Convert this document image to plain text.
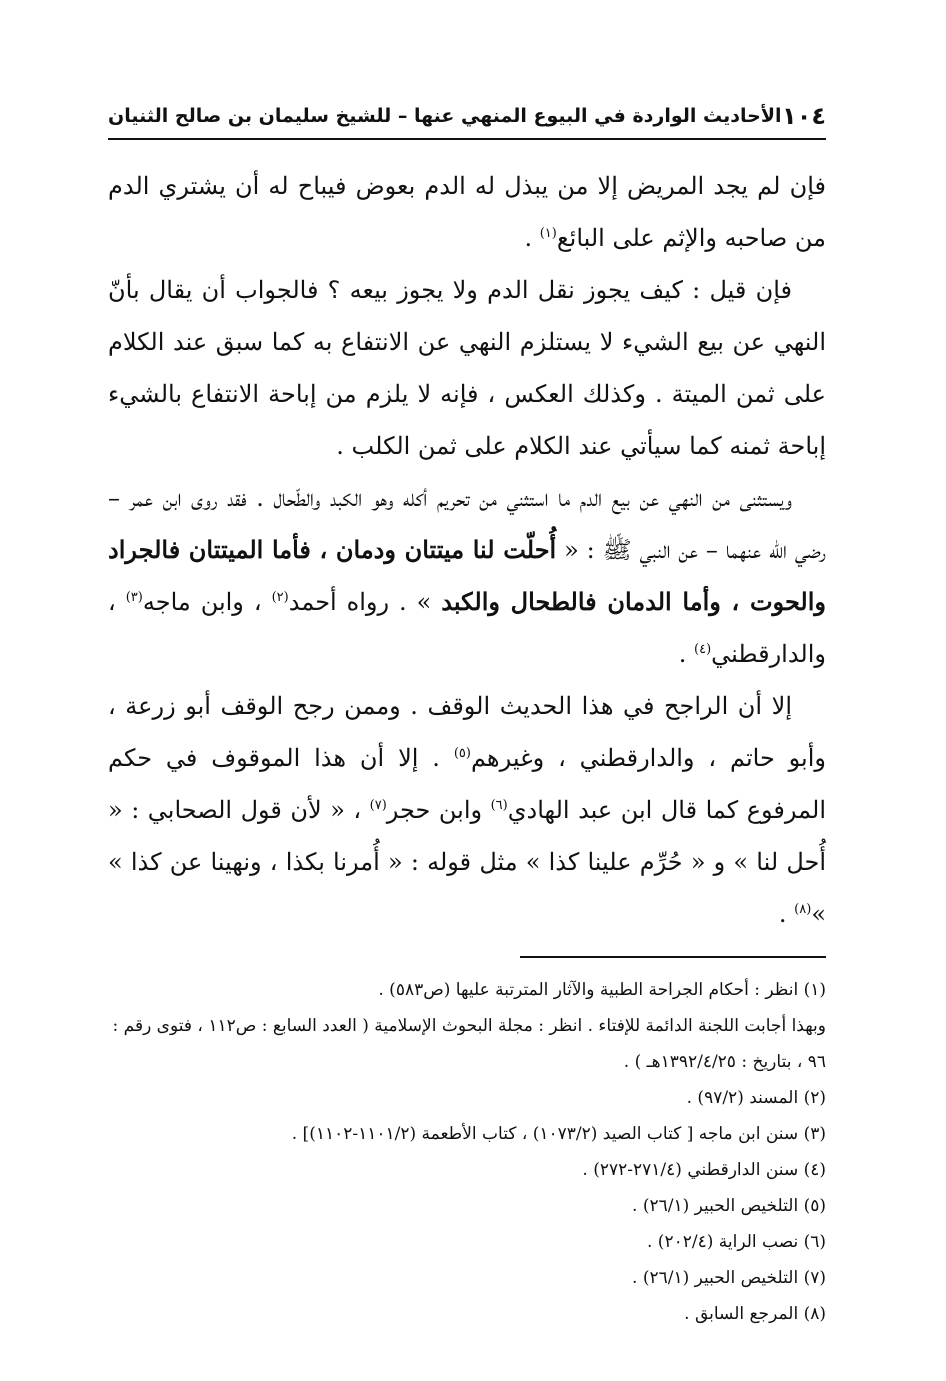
١٠٤
الأحاديث الواردة في البيوع المنهي عنها – للشيخ سليمان بن صالح الثنيان

فإن لم يجد المريض إلا من يبذل له الدم بعوض فيباح له أن يشتري الدم من صاحبه والإثم على البائع$^{(١)}$ .

فإن قيل : كيف يجوز نقل الدم ولا يجوز بيعه ؟ فالجواب أن يقال بأنّ النهي عن بيع الشيء لا يستلزم النهي عن الانتفاع به كما سبق عند الكلام على ثمن الميتة . وكذلك العكس ، فإنه لا يلزم من إباحة الانتفاع بالشيء إباحة ثمنه كما سيأتي عند الكلام على ثمن الكلب .

ويستثنى من النهي عن بيع الدم ما استثني من تحريم أكله وهو الكبد والطّحال . فقد روى ابن عمر – رضي الله عنهما – عن النبي ﷺ : « أُحلّت لنا ميتتان ودمان ، فأما الميتتان فالجراد والحوت ، وأما الدمان فالطحال والكبد » . رواه أحمد$^{(٢)}$ ، وابن ماجه$^{(٣)}$ ، والدارقطني$^{(٤)}$ .

إلا أن الراجح في هذا الحديث الوقف . وممن رجح الوقف أبو زرعة ، وأبو حاتم ، والدارقطني ، وغيرهم$^{(٥)}$ . إلا أن هذا الموقوف في حكم المرفوع كما قال ابن عبد الهادي$^{(٦)}$ وابن حجر$^{(٧)}$ ، « لأن قول الصحابي : « أُحل لنا » و « حُرِّم علينا كذا » مثل قوله : « أُمرنا بكذا ، ونهينا عن كذا » »$^{(٨)}$ .

(١) انظر : أحكام الجراحة الطبية والآثار المترتبة عليها (ص٥٨٣) .

وبهذا أجابت اللجنة الدائمة للإفتاء . انظر : مجلة البحوث الإسلامية ( العدد السابع : ص١١٢ ، فتوى رقم : ٩٦ ، بتاريخ : ١٣٩٢/٤/٢٥هـ ) .

(٢) المسند (٩٧/٢) .

(٣) سنن ابن ماجه [ كتاب الصيد (١٠٧٣/٢) ، كتاب الأطعمة (١١٠١/٢-١١٠٢)] .

(٤) سنن الدارقطني (٢٧١/٤-٢٧٢) .

(٥) التلخيص الحبير (٢٦/١) .

(٦) نصب الراية (٢٠٢/٤) .

(٧) التلخيص الحبير (٢٦/١) .

(٨) المرجع السابق .
